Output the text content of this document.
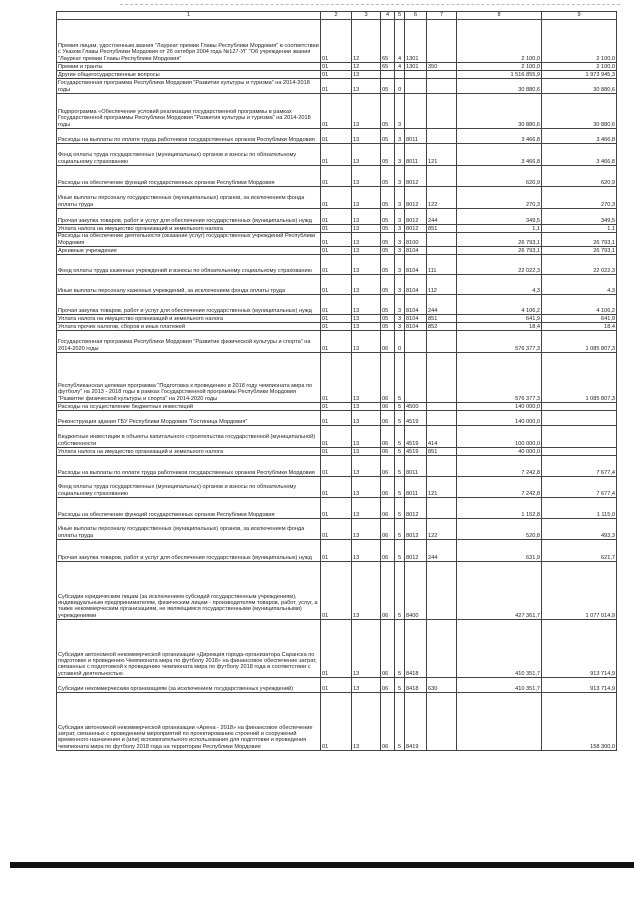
1	2	3	4	5	6	7	8	9
Премия лицам, удостоенным звания "Лауреат премии Главы Республики Мордовия" в соответствии с Указом Главы Республики Мордовия от 26 октября 2004 года №127-УГ "Об учреждении звания "Лауреат премии Главы Республики Мордовия"	01	12	65	4	1301		2 100,0	2 100,0
Премии и гранты	01	12	65	4	1301	350	2 100,0	2 100,0
Другие общегосударственные вопросы	01	13					1 516 855,9	1 973 945,3
Государственная программа Республики Мордовия "Развитие культуры и туризма" на 2014-2018 годы	01	13	05	0			30 880,6	30 880,6
Подпрограмма «Обеспечение условий реализации государственной программы в рамках Государственной программы Республики Мордовия "Развития культуры и туризма" на 2014-2018 годы	01	13	05	3			30 880,6	30 880,6
Расходы на выплаты по оплате труда работников государственных органов Республики Мордовия	01	13	05	3	8011		3 466,8	3 466,8
Фонд оплаты труда государственных (муниципальных) органов и взносы по обязательному социальному страхованию	01	13	05	3	8011	121	3 466,8	3 466,8
Расходы на обеспечение функций государственных органов Республики Мордовия	01	13	05	3	8012		620,9	620,9
Иные выплаты персоналу государственных (муниципальных) органов, за исключением фонда оплаты труда	01	13	05	3	8012	122	270,3	270,3
Прочая закупка товаров, работ и услуг для обеспечения государственных (муниципальных) нужд	01	13	05	3	8012	244	349,5	349,5
Уплата налога на имущество организаций и земельного налога	01	13	05	3	8012	851	1,1	1,1
Расходы на обеспечение деятельности (оказание услуг) государственных учреждений Республики Мордовия	01	13	05	3	8100		26 793,1	26 793,1
Архивные учреждения	01	13	05	3	8104		26 793,1	26 793,1
Фонд оплаты труда казенных учреждений и взносы по обязательному социальному страхованию	01	13	05	3	8104	111	22 022,3	22 022,3
Иные выплаты персоналу казенных учреждений, за исключением фонда оплаты труда	01	13	05	3	8104	112	4,3	4,3
Прочая закупка товаров, работ и услуг для обеспечения государственных (муниципальных) нужд	01	13	05	3	8104	244	4 106,2	4 106,2
Уплата налога на имущество организаций и земельного налога	01	13	05	3	8104	851	641,9	641,9
Уплата прочих налогов, сборов и иных платежей	01	13	05	3	8104	852	18,4	18,4
Государственная программа Республики Мордовия "Развитие физической культуры и спорта" на 2014-2020 годы	01	13	06	0			576 377,3	1 085 807,3
Республиканская целевая программа "Подготовка к проведению в 2018 году чемпионата мира по футболу" на 2013 - 2018 годы в рамках Государственной программы Республики Мордовия "Развитие физической культуры и спорта" на 2014-2020 годы	01	13	06	5			576 377,3	1 085 807,3
Расходы на осуществление бюджетных инвестиций	01	13	06	5	4500		140 000,0	
Реконструкция здания ГБУ Республики Мордовия "Гостиница Мордовия"	01	13	06	5	4519		140 000,0	
Бюджетные инвестиции в объекты капитального строительства государственной (муниципальной) собственности	01	13	06	5	4519	414	100 000,0	
Уплата налога на имущество организаций и земельного налога	01	13	06	5	4519	851	40 000,0	
Расходы на выплаты по оплате труда работников государственных органов Республики Мордовия	01	13	06	5	8011		7 242,8	7 677,4
Фонд оплаты труда государственных (муниципальных) органов и взносы по обязательному социальному страхованию	01	13	06	5	8011	121	7 242,8	7 677,4
Расходы на обеспечение функций государственных органов Республики Мордовия	01	13	06	5	8012		1 152,8	1 115,0
Иные выплаты персоналу государственных (муниципальных) органов, за исключением фонда оплаты труда	01	13	06	5	8012	122	520,8	493,3
Прочая закупка товаров, работ и услуг для обеспечения государственных (муниципальных) нужд	01	13	06	5	8012	244	631,9	621,7
Субсидии юридическим лицам (за исключением субсидий государственным учреждениям), индивидуальным предпринимателям, физическим лицам - производителям товаров, работ, услуг, а также некоммерческим организациям, не являющимся государственными (муниципальными) учреждениями	01	13	06	5	8400		427 361,7	1 077 014,9
Субсидия автономной некоммерческой организации «Дирекция города-организатора Саранска по подготовке и проведению Чемпионата мира по футболу 2018» на финансовое обеспечение затрат, связанных с подготовкой к проведению чемпионата мира по футболу 2018 года в соответствии с уставной деятельностью	01	13	06	5	8418		410 351,7	913 714,9
Субсидии некоммерческим организациям (за исключением государственных учреждений)	01	13	06	5	8418	630	410 351,7	913 714,9
Субсидия автономной некоммерческой организации «Арена - 2018» на финансовое обеспечение затрат, связанных с проведением мероприятий по проектированию строений и сооружений временного назначения и (или) вспомогательного использования для подготовки и проведения чемпионата мира по футболу 2018 года на территории Республики Мордовия	01	13	06	5	8419			158 300,0
